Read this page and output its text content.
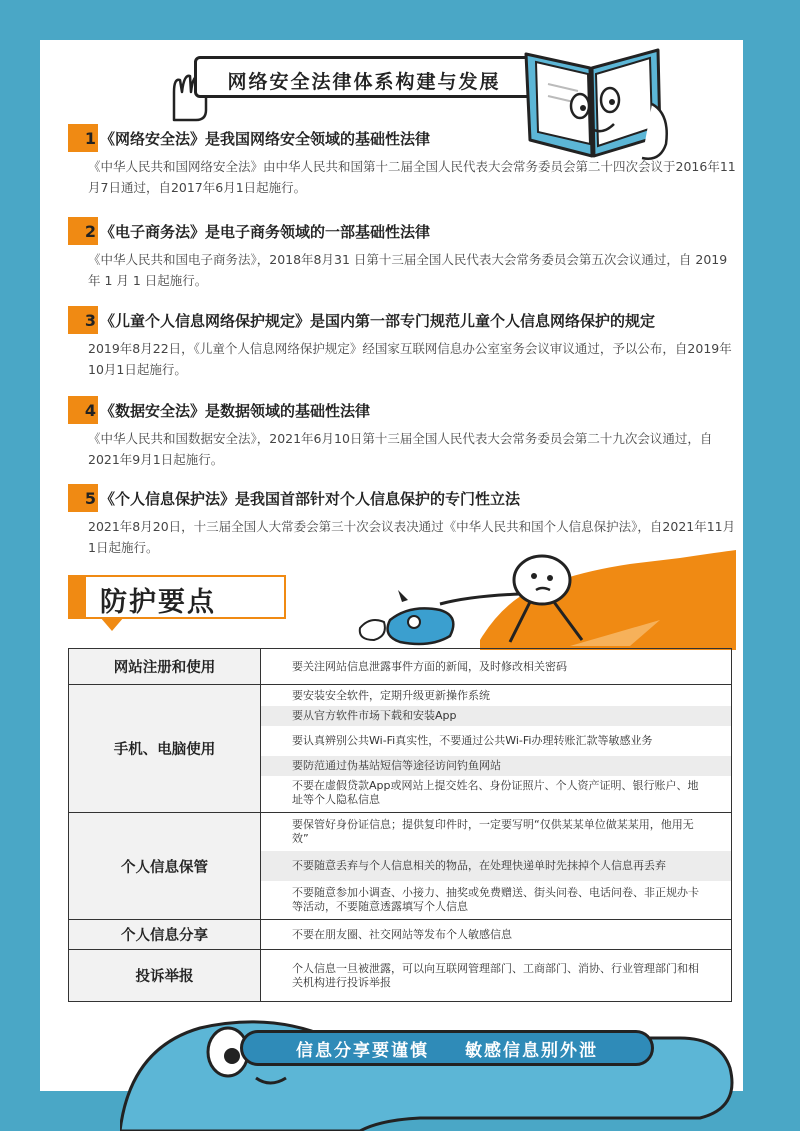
网络安全法律体系构建与发展
1 《网络安全法》是我国网络安全领域的基础性法律
《中华人民共和国网络安全法》由中华人民共和国第十二届全国人民代表大会常务委员会第二十四次会议于2016年11月7日通过，自2017年6月1日起施行。
2 《电子商务法》是电子商务领域的一部基础性法律
《中华人民共和国电子商务法》，2018年8月31 日第十三届全国人民代表大会常务委员会第五次会议通过，自 2019 年 1 月 1 日起施行。
3 《儿童个人信息网络保护规定》是国内第一部专门规范儿童个人信息网络保护的规定
2019年8月22日，《儿童个人信息网络保护规定》经国家互联网信息办公室室务会议审议通过，予以公布，自2019年10月1日起施行。
4 《数据安全法》是数据领域的基础性法律
《中华人民共和国数据安全法》，2021年6月10日第十三届全国人民代表大会常务委员会第二十九次会议通过，自2021年9月1日起施行。
5 《个人信息保护法》是我国首部针对个人信息保护的专门性立法
2021年8月20日，十三届全国人大常委会第三十次会议表决通过《中华人民共和国个人信息保护法》，自2021年11月1日起施行。
防护要点
网站注册和使用	要关注网站信息泄露事件方面的新闻，及时修改相关密码
手机、电脑使用	要安装安全软件，定期升级更新操作系统
要从官方软件市场下载和安装App
要认真辨别公共Wi-Fi真实性，不要通过公共Wi-Fi办理转账汇款等敏感业务
要防范通过伪基站短信等途径访问钓鱼网站
不要在虚假贷款App或网站上提交姓名、身份证照片、个人资产证明、银行账户、地址等个人隐私信息

个人信息保管	要保管好身份证信息；提供复印件时，一定要写明“仅供某某单位做某某用，他用无效”
不要随意丢弃与个人信息相关的物品，在处理快递单时先抹掉个人信息再丢弃
不要随意参加小调查、小接力、抽奖或免费赠送、街头问卷、电话问卷、非正规办卡等活动，不要随意透露填写个人信息

个人信息分享	不要在朋友圈、社交网站等发布个人敏感信息
投诉举报	个人信息一旦被泄露，可以向互联网管理部门、工商部门、消协、行业管理部门和相关机构进行投诉举报
信息分享要谨慎 敏感信息别外泄
